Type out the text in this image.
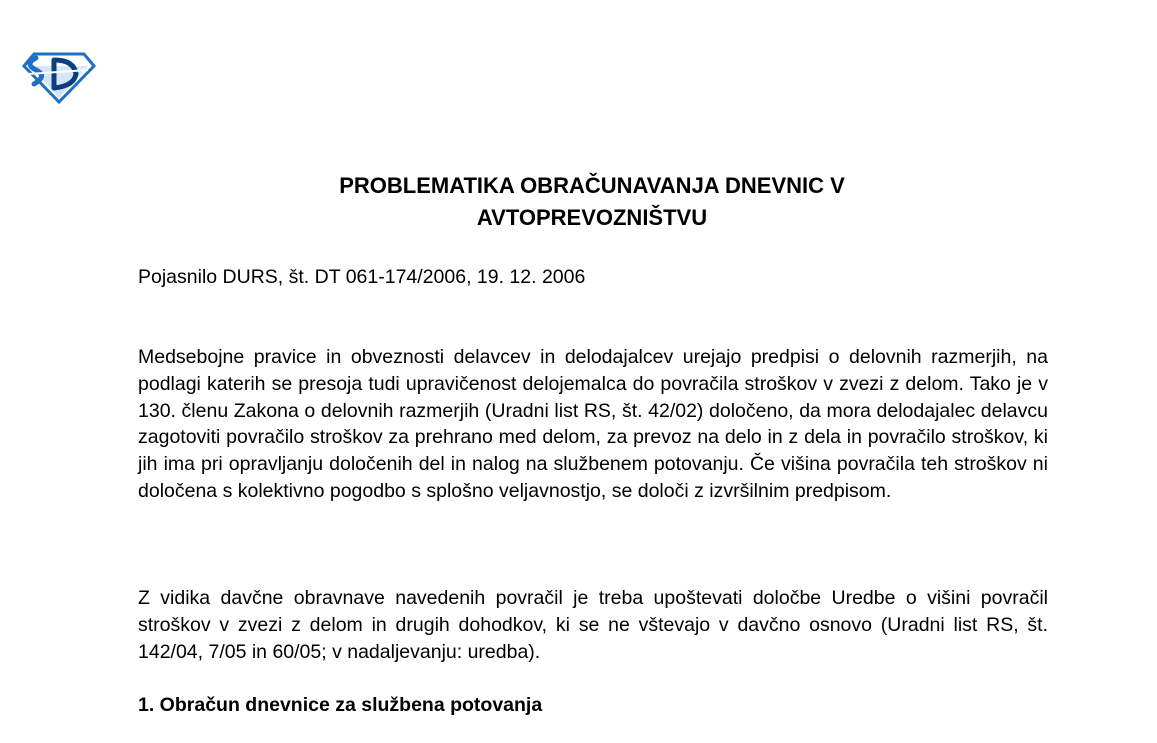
PROBLEMATIKA OBRAČUNAVANJA DNEVNIC V
AVTOPREVOZNIŠTVU

Pojasnilo DURS, št. DT 061-174/2006, 19. 12. 2006

Medsebojne pravice in obveznosti delavcev in delodajalcev urejajo predpisi o delovnih razmerjih, na podlagi katerih se presoja tudi upravičenost delojemalca do povračila stroškov v zvezi z delom. Tako je v 130. členu Zakona o delovnih razmerjih (Uradni list RS, št. 42/02) določeno, da mora delodajalec delavcu zagotoviti povračilo stroškov za prehrano med delom, za prevoz na delo in z dela in povračilo stroškov, ki jih ima pri opravljanju določenih del in nalog na službenem potovanju. Če višina povračila teh stroškov ni določena s kolektivno pogodbo s splošno veljavnostjo, se določi z izvršilnim predpisom.

Z vidika davčne obravnave navedenih povračil je treba upoštevati določbe Uredbe o višini povračil stroškov v zvezi z delom in drugih dohodkov, ki se ne vštevajo v davčno osnovo (Uradni list RS, št. 142/04, 7/05 in 60/05; v nadaljevanju: uredba).

1. Obračun dnevnice za službena potovanja
